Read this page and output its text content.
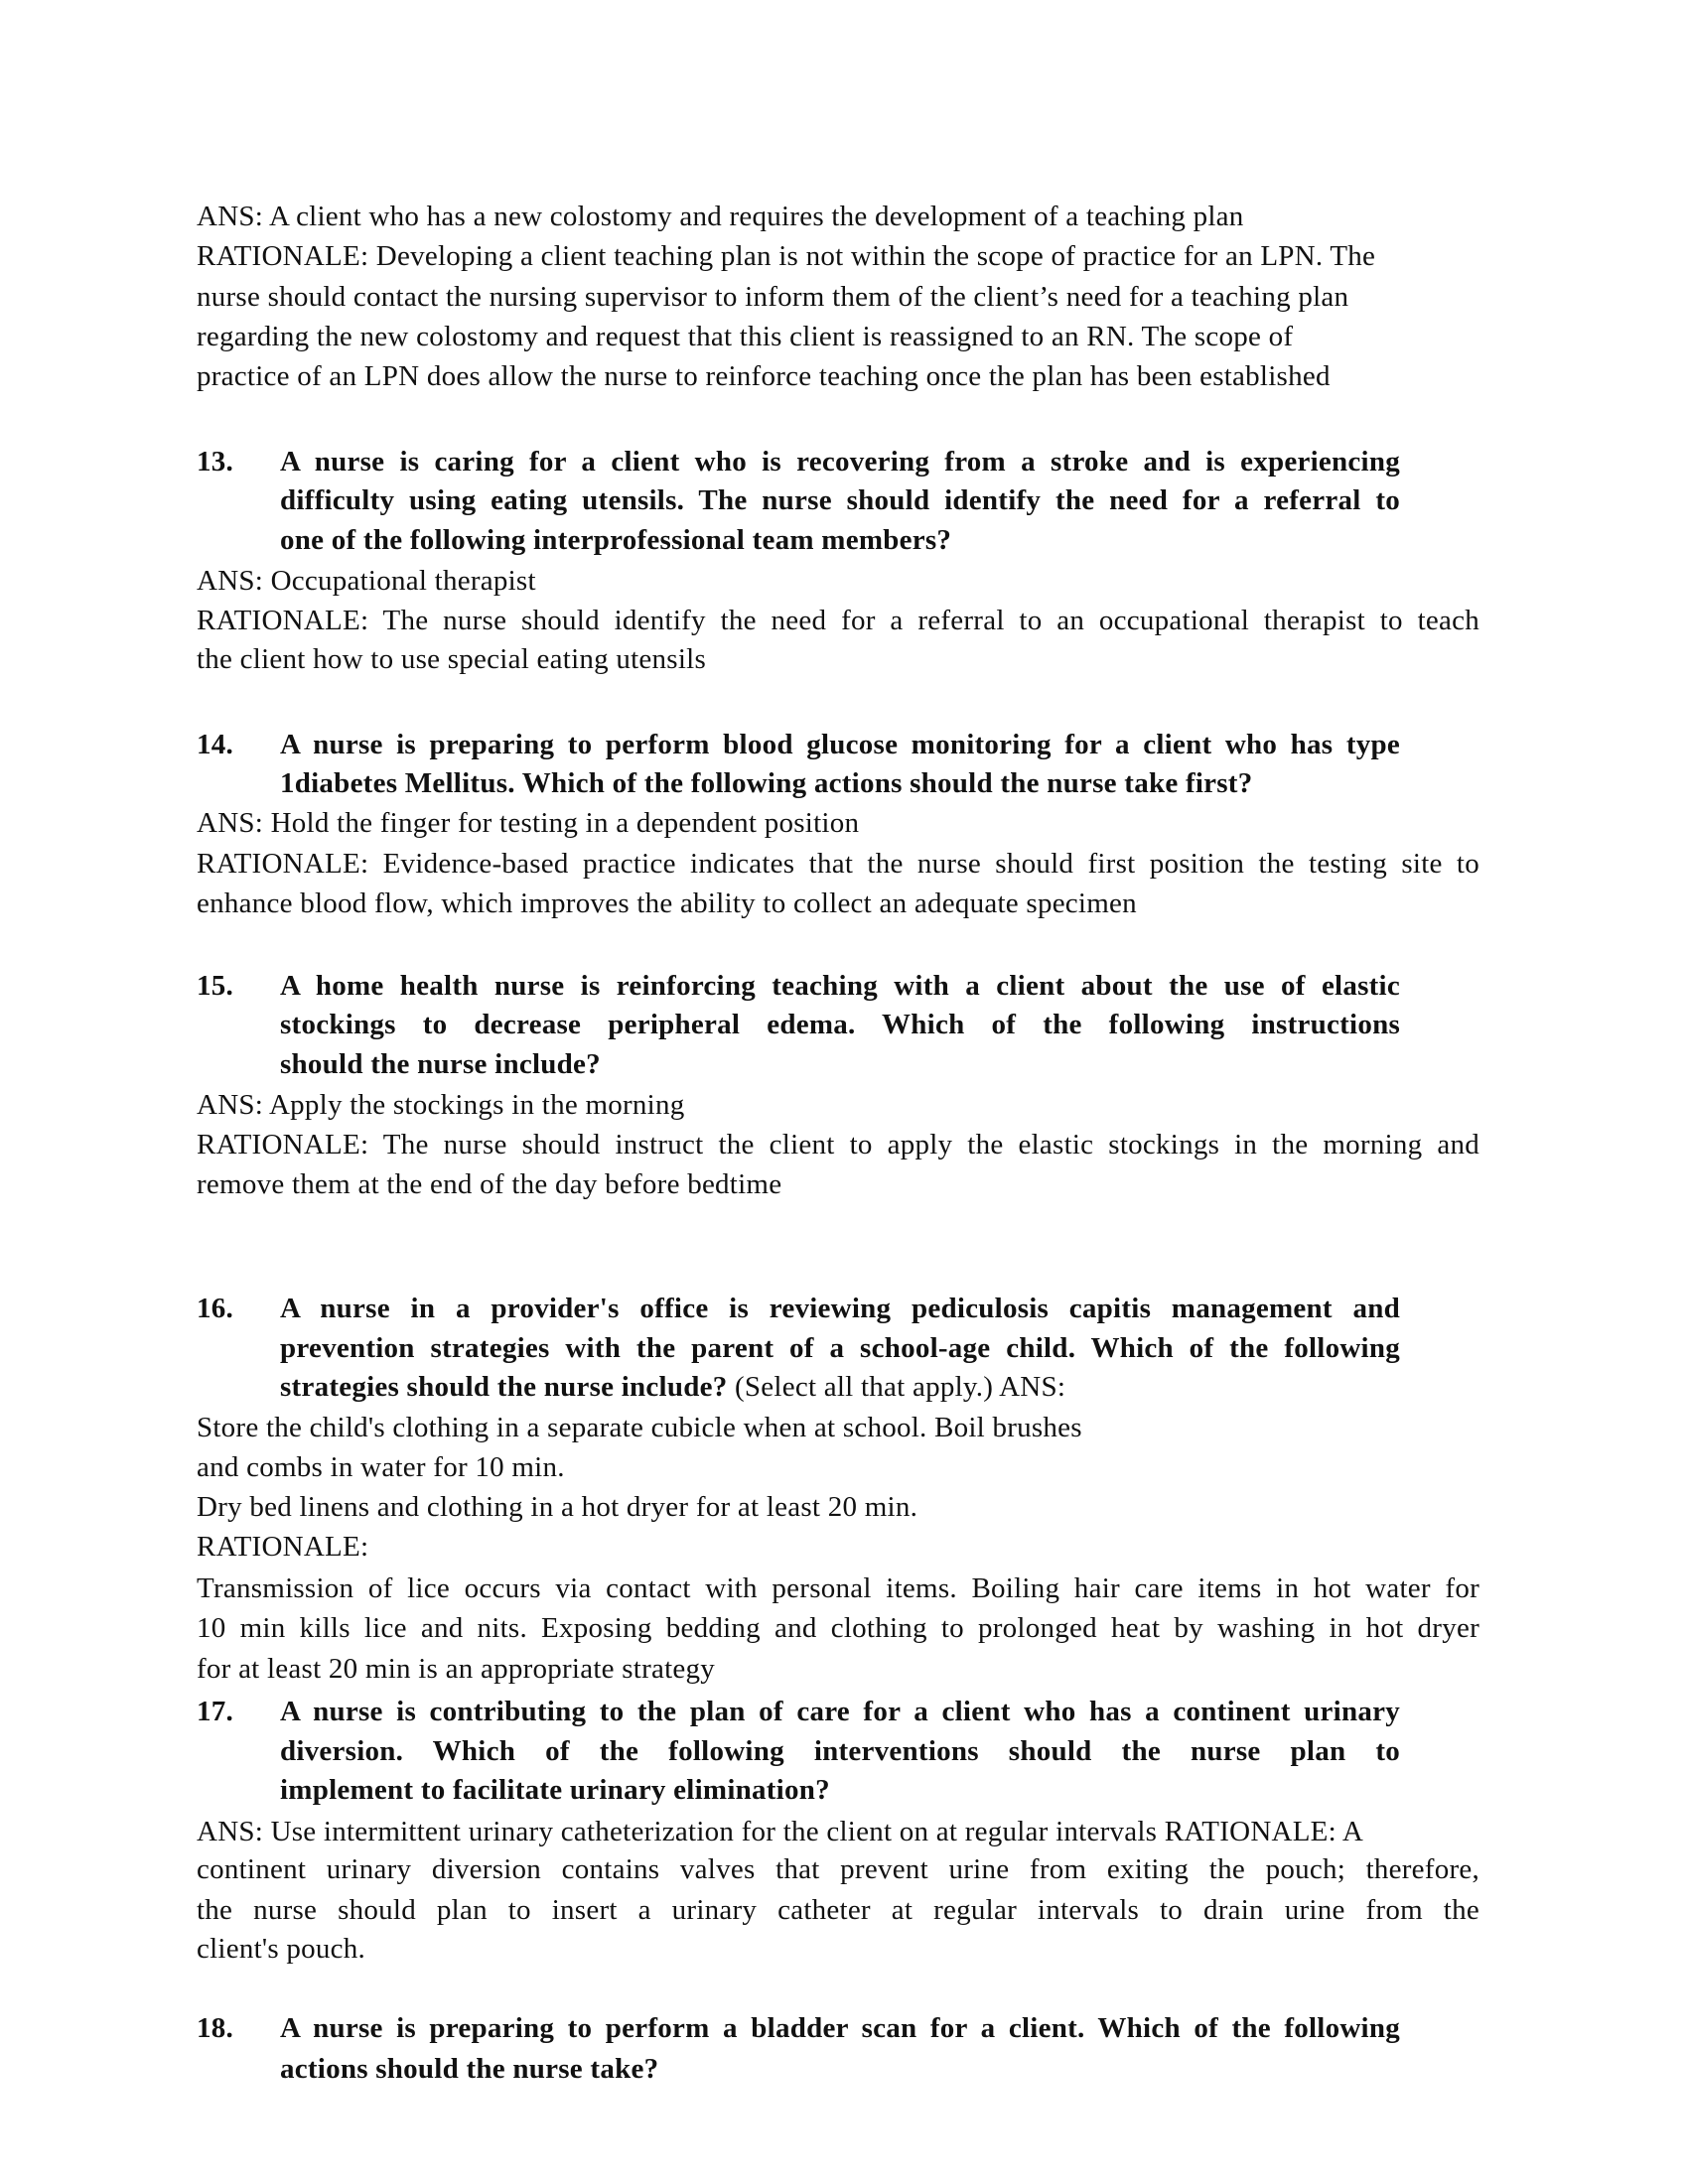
ANS: A client who has a new colostomy and requires the development of a teaching plan
RATIONALE: Developing a client teaching plan is not within the scope of practice for an LPN. The
nurse should contact the nursing supervisor to inform them of the client’s need for a teaching plan
regarding the new colostomy and request that this client is reassigned to an RN. The scope of
practice of an LPN does allow the nurse to reinforce teaching once the plan has been established
13. A nurse is caring for a client who is recovering from a stroke and is experiencing
difficulty using eating utensils. The nurse should identify the need for a referral to
one of the following interprofessional team members?
ANS: Occupational therapist
RATIONALE: The nurse should identify the need for a referral to an occupational therapist to teach
the client how to use special eating utensils
14. A nurse is preparing to perform blood glucose monitoring for a client who has type
1diabetes Mellitus. Which of the following actions should the nurse take first?
ANS: Hold the finger for testing in a dependent position
RATIONALE: Evidence-based practice indicates that the nurse should first position the testing site to
enhance blood flow, which improves the ability to collect an adequate specimen
15. A home health nurse is reinforcing teaching with a client about the use of elastic
stockings to decrease peripheral edema. Which of the following instructions
should the nurse include?
ANS: Apply the stockings in the morning
RATIONALE: The nurse should instruct the client to apply the elastic stockings in the morning and
remove them at the end of the day before bedtime
16. A nurse in a provider's office is reviewing pediculosis capitis management and
prevention strategies with the parent of a school-age child. Which of the following
strategies should the nurse include? (Select all that apply.) ANS:
Store the child's clothing in a separate cubicle when at school. Boil brushes
and combs in water for 10 min.
Dry bed linens and clothing in a hot dryer for at least 20 min.
RATIONALE:
Transmission of lice occurs via contact with personal items. Boiling hair care items in hot water for
10 min kills lice and nits. Exposing bedding and clothing to prolonged heat by washing in hot dryer
for at least 20 min is an appropriate strategy
17. A nurse is contributing to the plan of care for a client who has a continent urinary
diversion. Which of the following interventions should the nurse plan to
implement to facilitate urinary elimination?
ANS: Use intermittent urinary catheterization for the client on at regular intervals RATIONALE: A
continent urinary diversion contains valves that prevent urine from exiting the pouch; therefore,
the nurse should plan to insert a urinary catheter at regular intervals to drain urine from the
client's pouch.
18. A nurse is preparing to perform a bladder scan for a client. Which of the following
actions should the nurse take?
